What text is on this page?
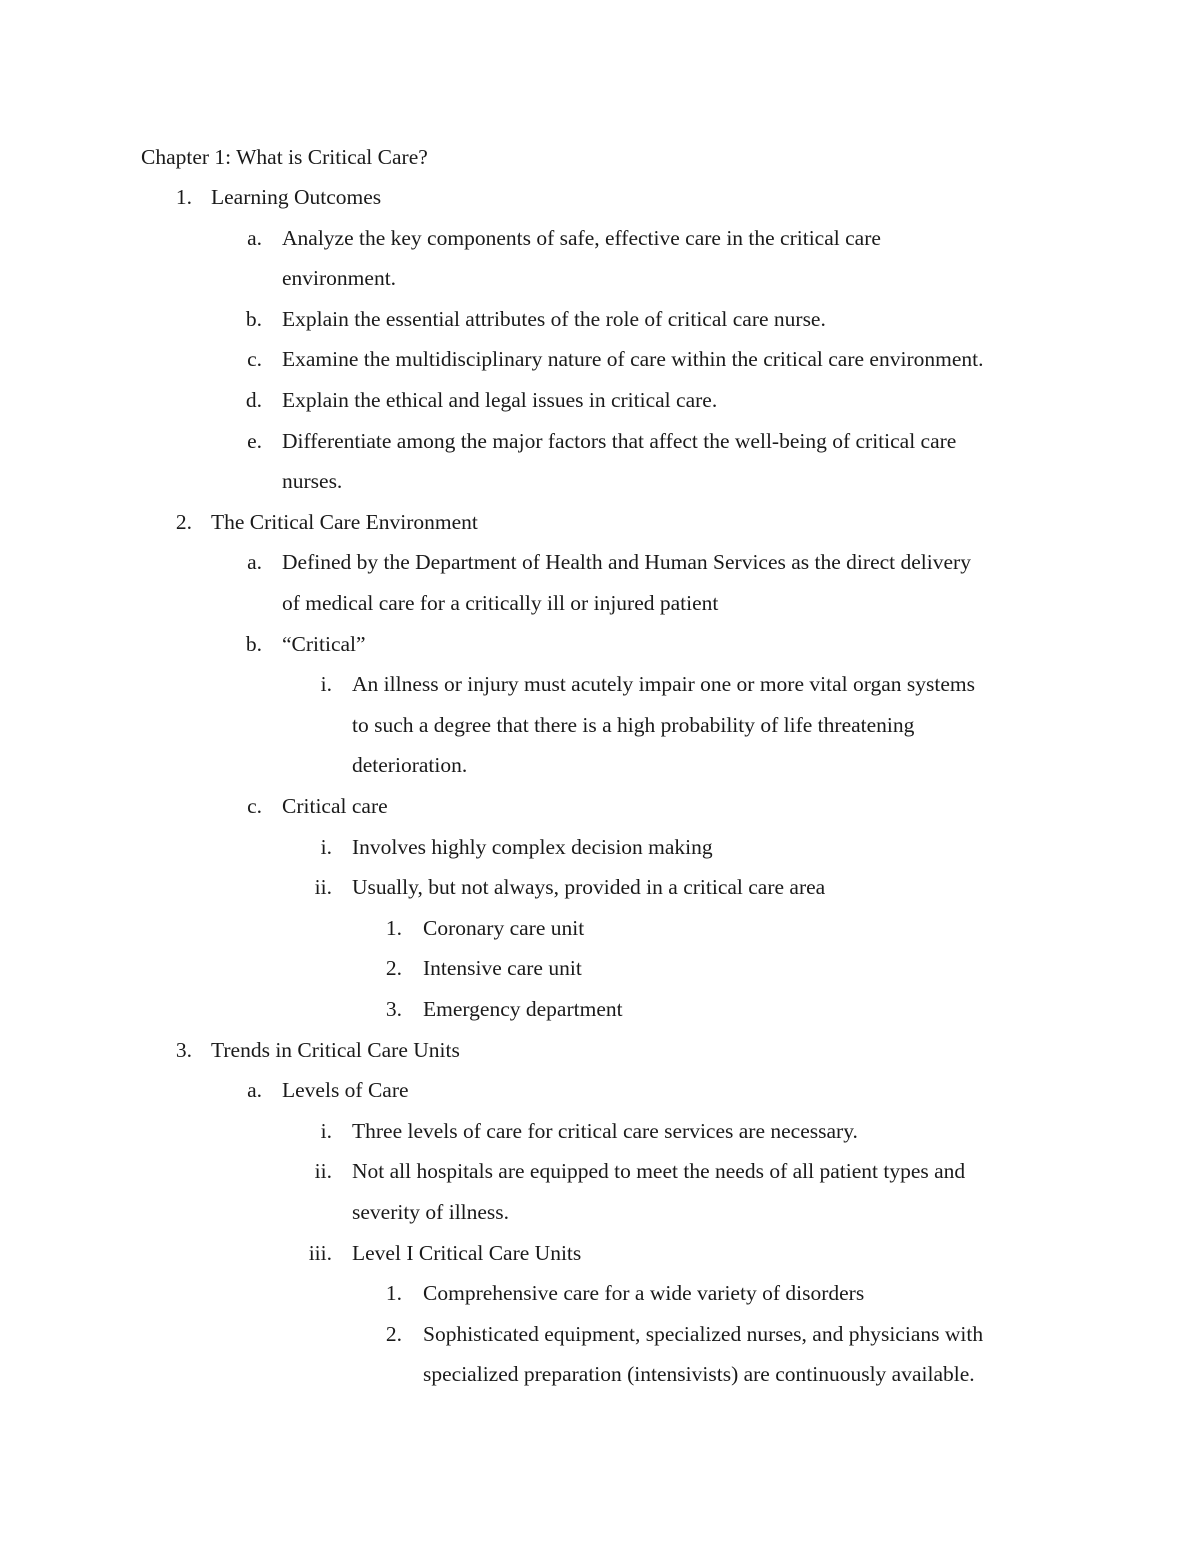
Chapter 1: What is Critical Care?
1. Learning Outcomes
a. Analyze the key components of safe, effective care in the critical care
environment.
b. Explain the essential attributes of the role of critical care nurse.
c. Examine the multidisciplinary nature of care within the critical care environment.
d. Explain the ethical and legal issues in critical care.
e. Differentiate among the major factors that affect the well-being of critical care
nurses.
2. The Critical Care Environment
a. Defined by the Department of Health and Human Services as the direct delivery
of medical care for a critically ill or injured patient
b. “Critical”
i. An illness or injury must acutely impair one or more vital organ systems
to such a degree that there is a high probability of life threatening
deterioration.
c. Critical care
i. Involves highly complex decision making
ii. Usually, but not always, provided in a critical care area
1. Coronary care unit
2. Intensive care unit
3. Emergency department
3. Trends in Critical Care Units
a. Levels of Care
i. Three levels of care for critical care services are necessary.
ii. Not all hospitals are equipped to meet the needs of all patient types and
severity of illness.
iii. Level I Critical Care Units
1. Comprehensive care for a wide variety of disorders
2. Sophisticated equipment, specialized nurses, and physicians with
specialized preparation (intensivists) are continuously available.
